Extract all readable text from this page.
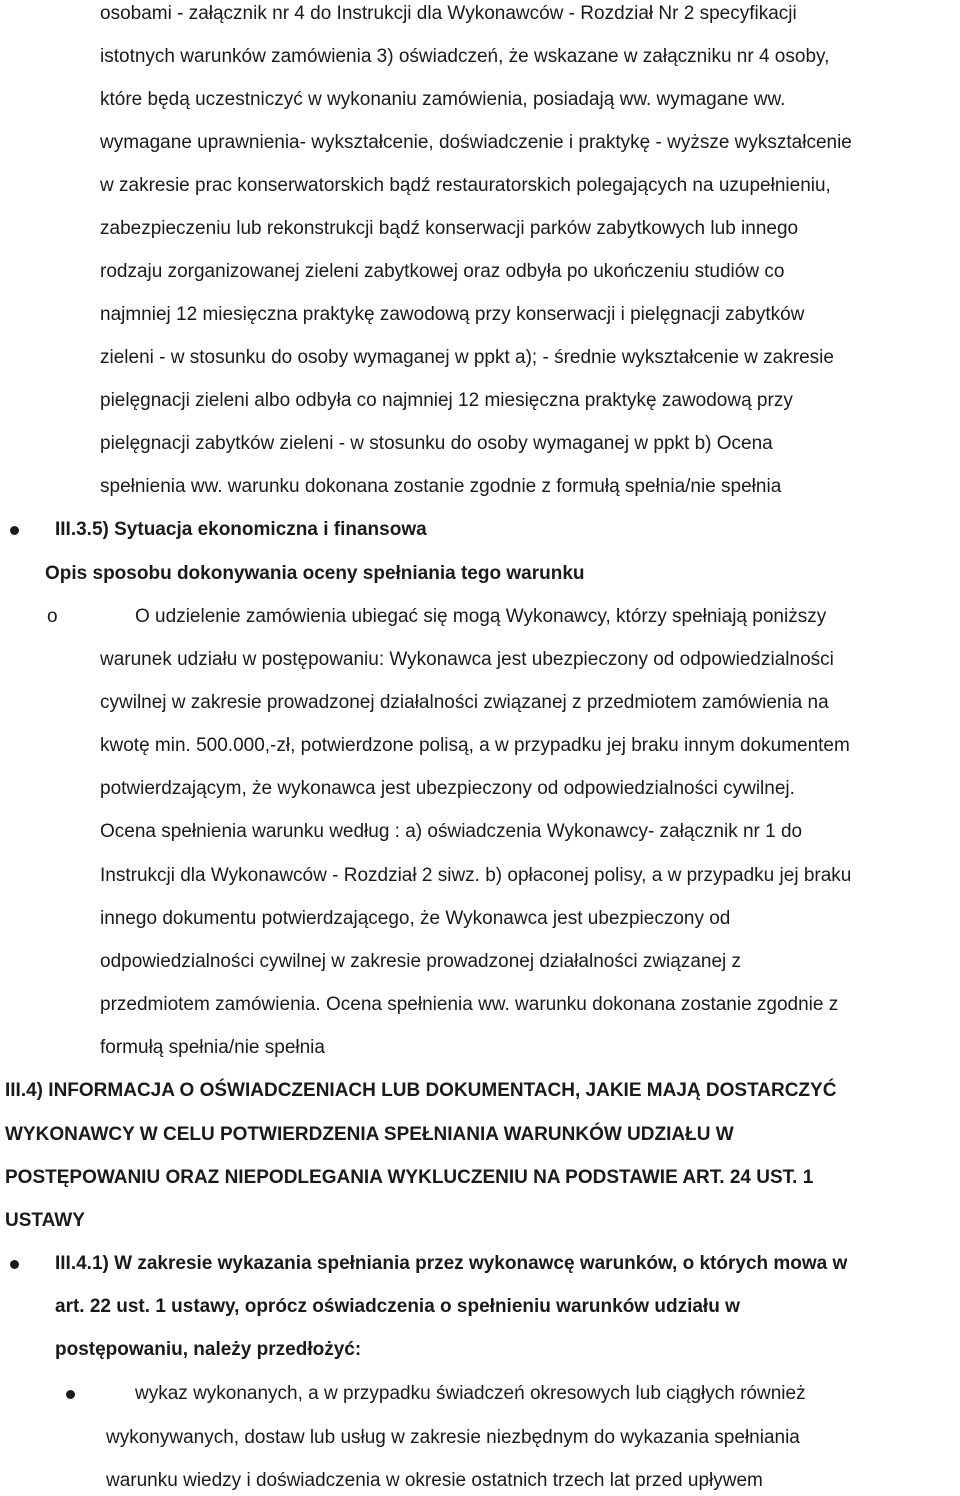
osobami - załącznik nr 4 do Instrukcji dla Wykonawców - Rozdział Nr 2 specyfikacji

istotnych warunków zamówienia 3) oświadczeń, że wskazane w załączniku nr 4 osoby,

które będą uczestniczyć w wykonaniu zamówienia, posiadają ww. wymagane ww.

wymagane uprawnienia- wykształcenie, doświadczenie i praktykę - wyższe wykształcenie

w zakresie prac konserwatorskich bądź restauratorskich polegających na uzupełnieniu,

zabezpieczeniu lub rekonstrukcji bądź konserwacji parków zabytkowych lub innego

rodzaju zorganizowanej zieleni zabytkowej oraz odbyła po ukończeniu studiów co

najmniej 12 miesięczna praktykę zawodową przy konserwacji i pielęgnacji zabytków

zieleni - w stosunku do osoby wymaganej w ppkt a); - średnie wykształcenie w zakresie

pielęgnacji zieleni albo odbyła co najmniej 12 miesięczna praktykę zawodową przy

pielęgnacji zabytków zieleni - w stosunku do osoby wymaganej w ppkt b) Ocena

spełnienia ww. warunku dokonana zostanie zgodnie z formułą spełnia/nie spełnia

III.3.5) Sytuacja ekonomiczna i finansowa

Opis sposobu dokonywania oceny spełniania tego warunku

o	O udzielenie zamówienia ubiegać się mogą Wykonawcy, którzy spełniają poniższy

warunek udziału w postępowaniu: Wykonawca jest ubezpieczony od odpowiedzialności

cywilnej w zakresie prowadzonej działalności związanej z przedmiotem zamówienia na

kwotę min. 500.000,-zł, potwierdzone polisą, a w przypadku jej braku innym dokumentem

potwierdzającym, że wykonawca jest ubezpieczony od odpowiedzialności cywilnej.

Ocena spełnienia warunku według : a) oświadczenia Wykonawcy- załącznik nr 1 do

Instrukcji dla Wykonawców - Rozdział 2 siwz. b) opłaconej polisy, a w przypadku jej braku

innego dokumentu potwierdzającego, że Wykonawca jest ubezpieczony od

odpowiedzialności cywilnej w zakresie prowadzonej działalności związanej z

przedmiotem zamówienia. Ocena spełnienia ww. warunku dokonana zostanie zgodnie z

formułą spełnia/nie spełnia

III.4) INFORMACJA O OŚWIADCZENIACH LUB DOKUMENTACH, JAKIE MAJĄ DOSTARCZYĆ

WYKONAWCY W CELU POTWIERDZENIA SPEŁNIANIA WARUNKÓW UDZIAŁU W

POSTĘPOWANIU ORAZ NIEPODLEGANIA WYKLUCZENIU NA PODSTAWIE ART. 24 UST. 1

USTAWY

III.4.1) W zakresie wykazania spełniania przez wykonawcę warunków, o których mowa w

art. 22 ust. 1 ustawy, oprócz oświadczenia o spełnieniu warunków udziału w

postępowaniu, należy przedłożyć:

wykaz wykonanych, a w przypadku świadczeń okresowych lub ciągłych również

wykonywanych, dostaw lub usług w zakresie niezbędnym do wykazania spełniania

warunku wiedzy i doświadczenia w okresie ostatnich trzech lat przed upływem
